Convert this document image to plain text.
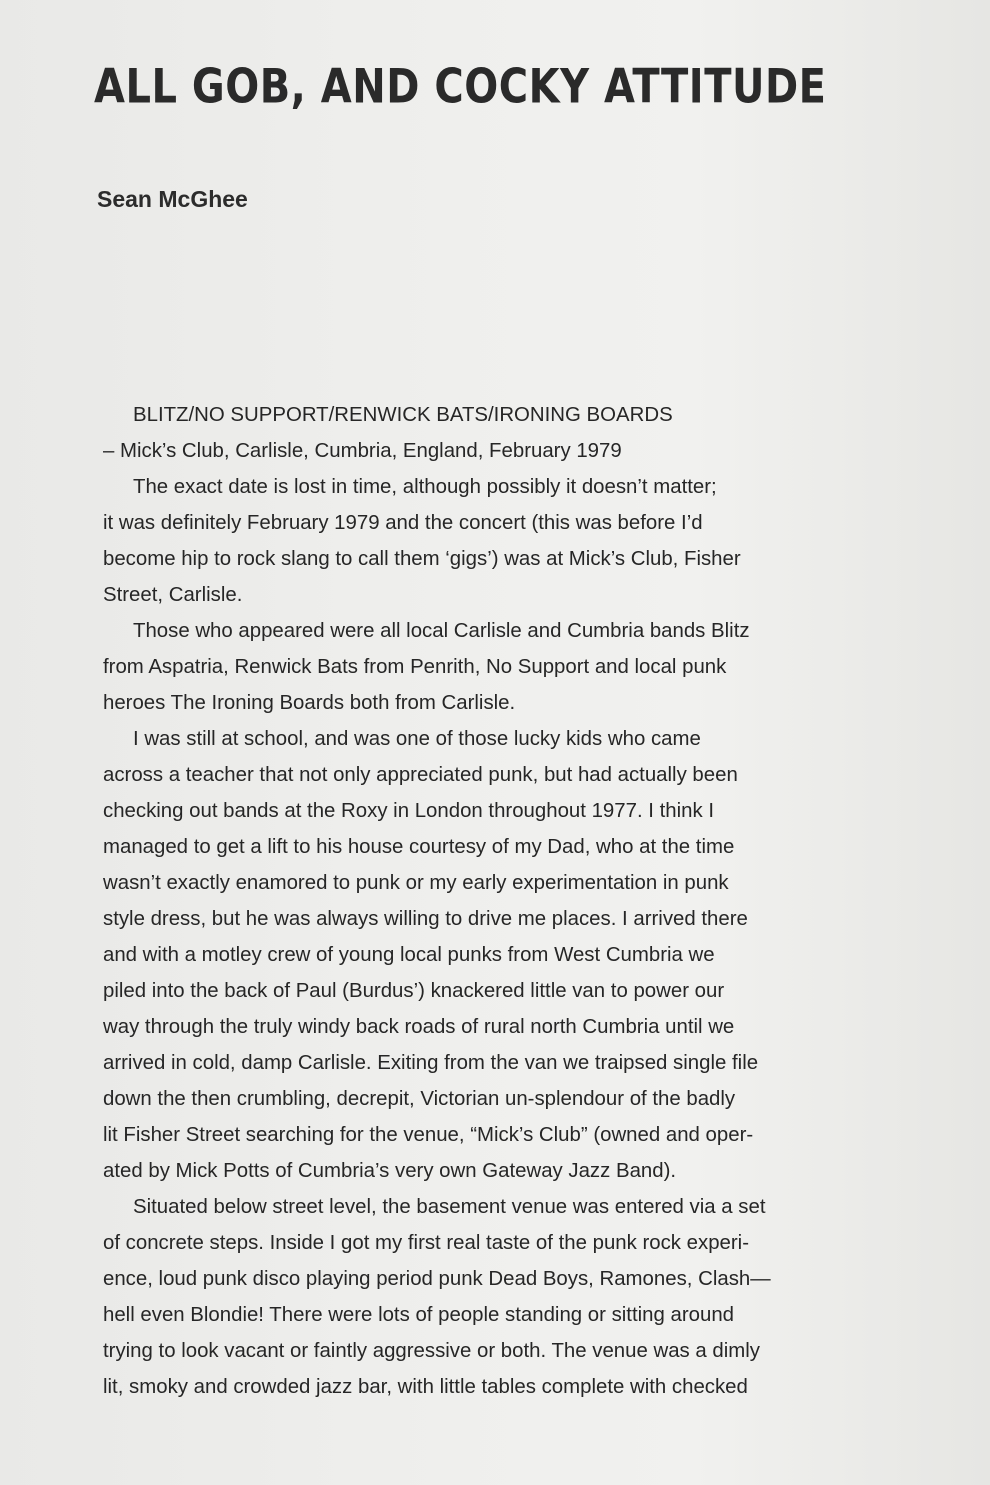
ALL GOB, AND COCKY ATTITUDE
Sean McGhee
BLITZ/NO SUPPORT/RENWICK BATS/IRONING BOARDS
– Mick’s Club, Carlisle, Cumbria, England, February 1979
The exact date is lost in time, although possibly it doesn’t matter;
it was definitely February 1979 and the concert (this was before I’d
become hip to rock slang to call them ‘gigs’) was at Mick’s Club, Fisher
Street, Carlisle.
Those who appeared were all local Carlisle and Cumbria bands Blitz
from Aspatria, Renwick Bats from Penrith, No Support and local punk
heroes The Ironing Boards both from Carlisle.
I was still at school, and was one of those lucky kids who came
across a teacher that not only appreciated punk, but had actually been
checking out bands at the Roxy in London throughout 1977. I think I
managed to get a lift to his house courtesy of my Dad, who at the time
wasn’t exactly enamored to punk or my early experimentation in punk
style dress, but he was always willing to drive me places. I arrived there
and with a motley crew of young local punks from West Cumbria we
piled into the back of Paul (Burdus’) knackered little van to power our
way through the truly windy back roads of rural north Cumbria until we
arrived in cold, damp Carlisle. Exiting from the van we traipsed single file
down the then crumbling, decrepit, Victorian un-splendour of the badly
lit Fisher Street searching for the venue, “Mick’s Club” (owned and oper-
ated by Mick Potts of Cumbria’s very own Gateway Jazz Band).
Situated below street level, the basement venue was entered via a set
of concrete steps. Inside I got my first real taste of the punk rock experi-
ence, loud punk disco playing period punk Dead Boys, Ramones, Clash—
hell even Blondie! There were lots of people standing or sitting around
trying to look vacant or faintly aggressive or both. The venue was a dimly
lit, smoky and crowded jazz bar, with little tables complete with checked
